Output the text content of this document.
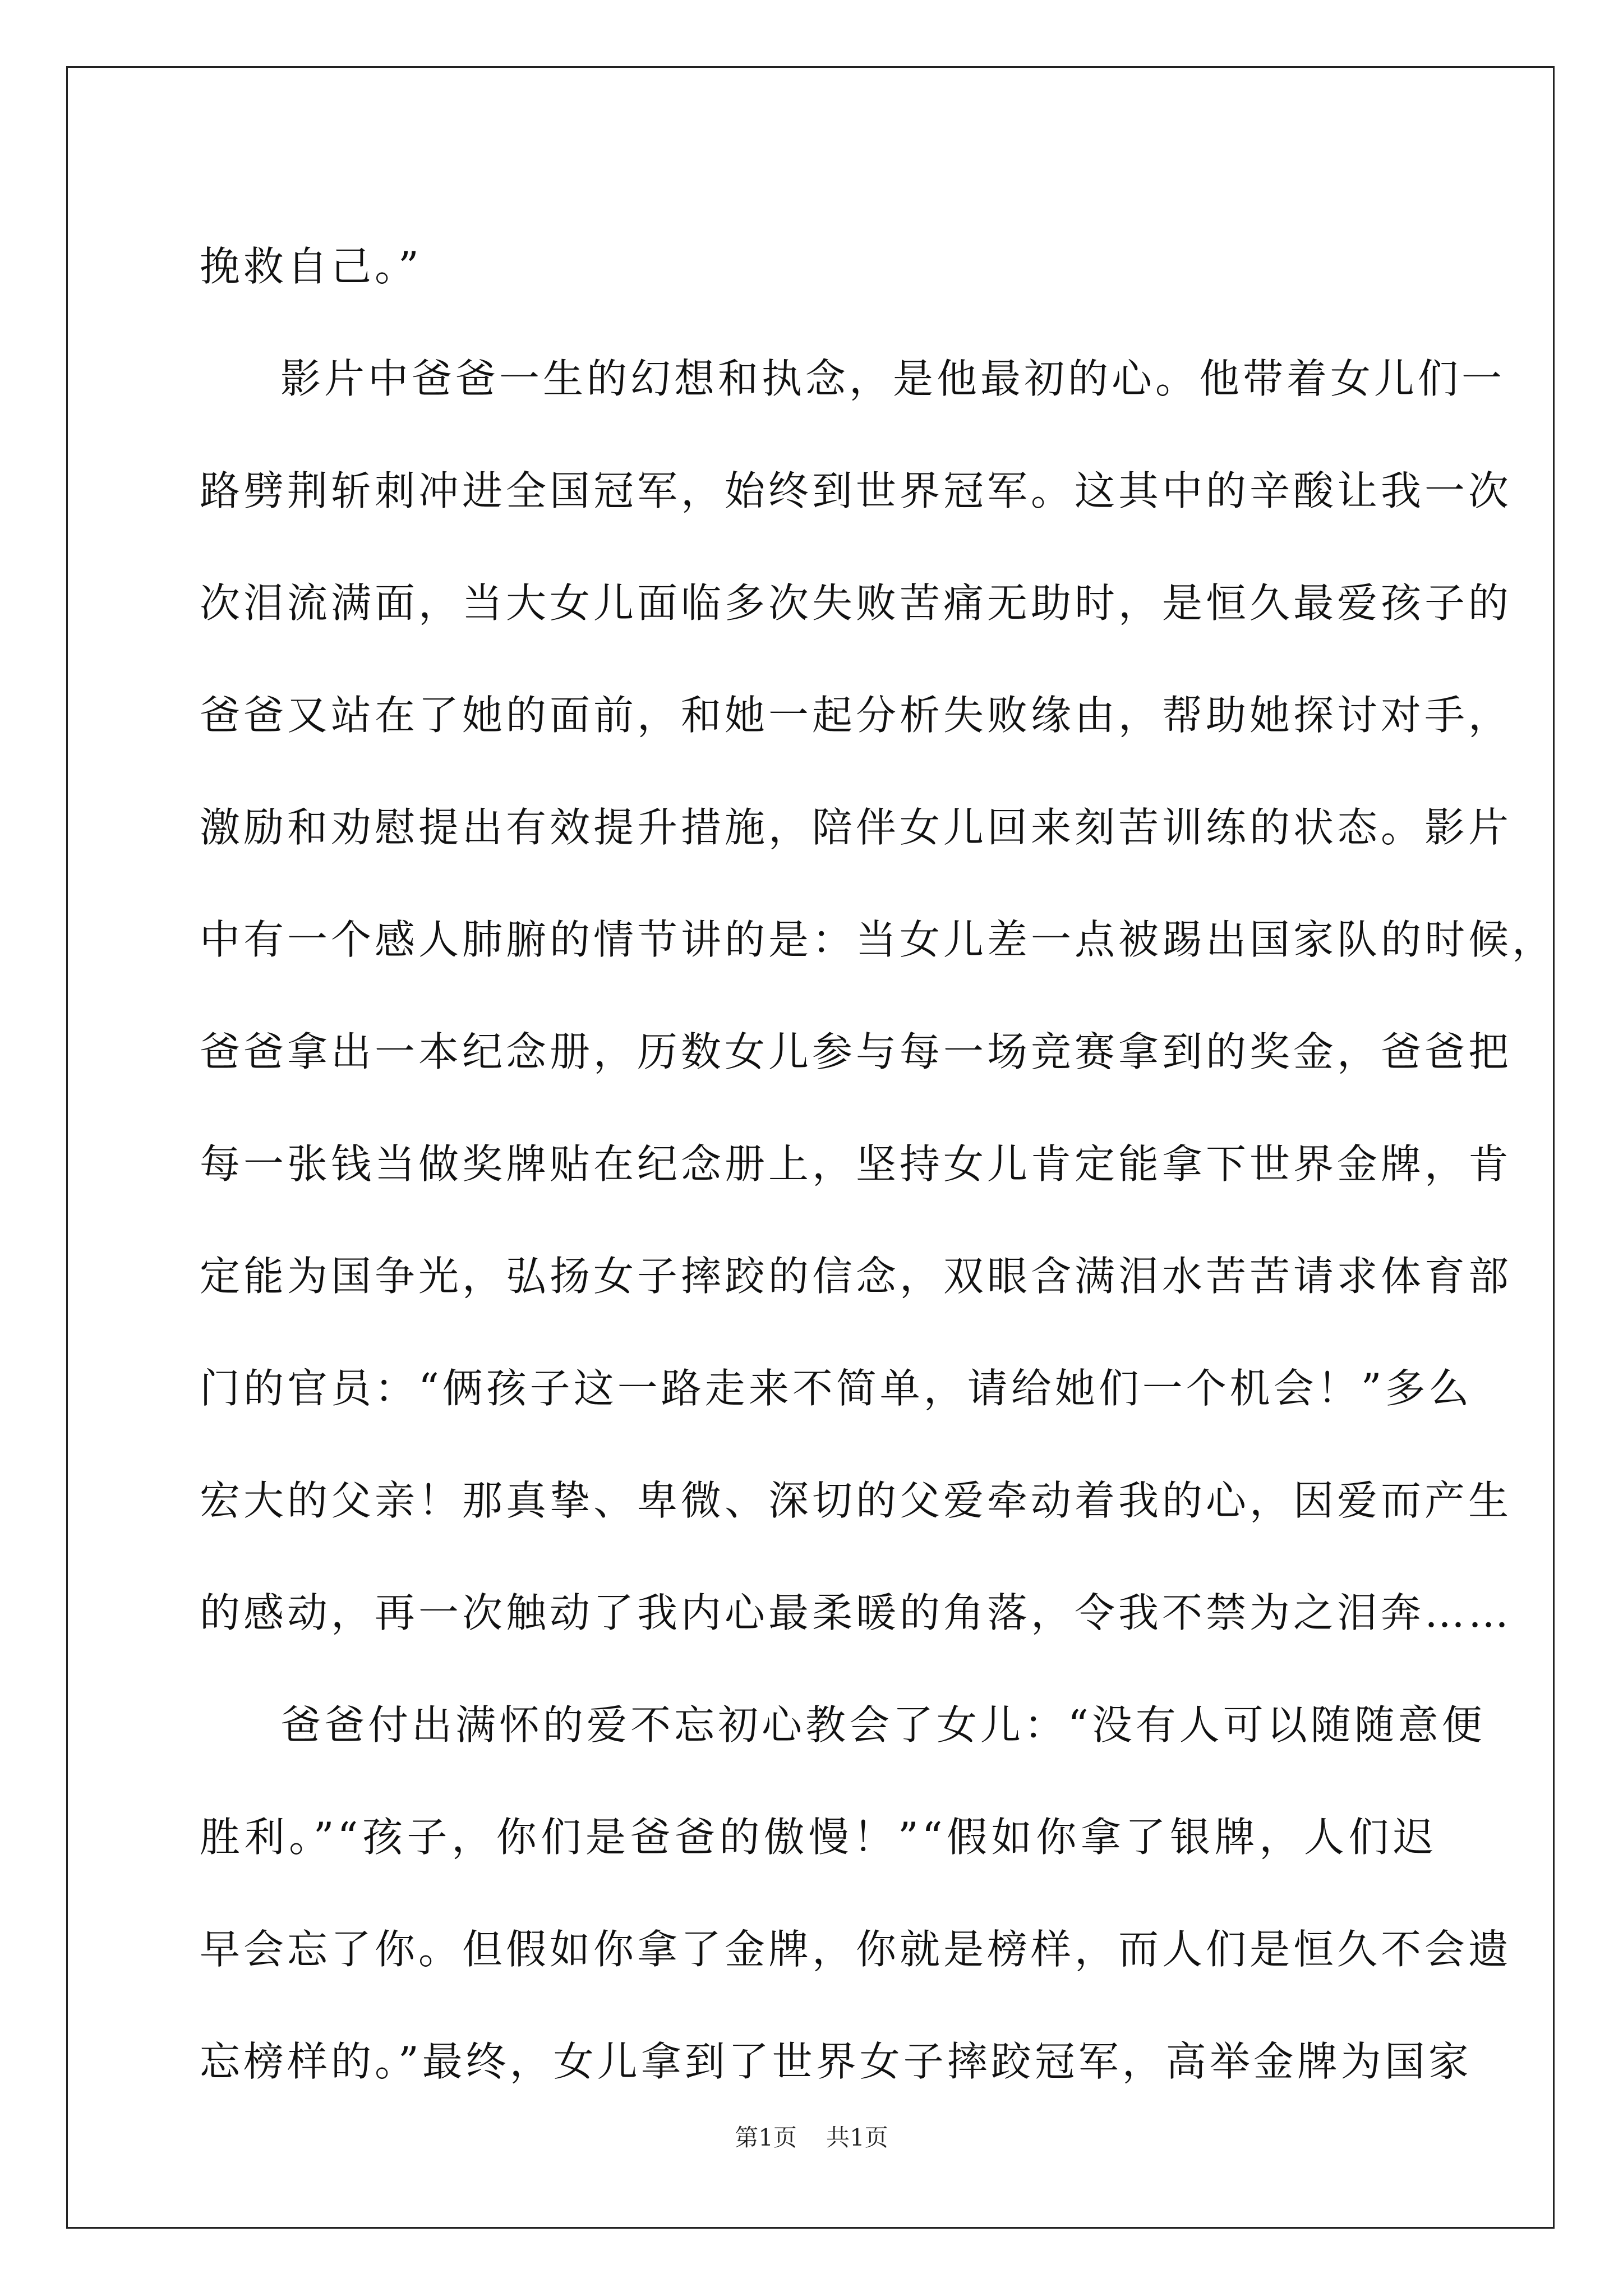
挽救自己。”
影片中爸爸一生的幻想和执念，是他最初的心。他带着女儿们一
路劈荆斩刺冲进全国冠军，始终到世界冠军。这其中的辛酸让我一次
次泪流满面，当大女儿面临多次失败苦痛无助时，是恒久最爱孩子的
爸爸又站在了她的面前，和她一起分析失败缘由，帮助她探讨对手，
激励和劝慰提出有效提升措施，陪伴女儿回来刻苦训练的状态。影片
中有一个感人肺腑的情节讲的是：当女儿差一点被踢出国家队的时候，
爸爸拿出一本纪念册，历数女儿参与每一场竞赛拿到的奖金，爸爸把
每一张钱当做奖牌贴在纪念册上，坚持女儿肯定能拿下世界金牌，肯
定能为国争光，弘扬女子摔跤的信念，双眼含满泪水苦苦请求体育部
门的官员：“俩孩子这一路走来不简单，请给她们一个机会！”多么
宏大的父亲！那真挚、卑微、深切的父爱牵动着我的心，因爱而产生
的感动，再一次触动了我内心最柔暖的角落，令我不禁为之泪奔……
爸爸付出满怀的爱不忘初心教会了女儿：“没有人可以随随意便
胜利。”“孩子，你们是爸爸的傲慢！”“假如你拿了银牌，人们迟
早会忘了你。但假如你拿了金牌，你就是榜样，而人们是恒久不会遗
忘榜样的。”最终，女儿拿到了世界女子摔跤冠军，高举金牌为国家
第1页 共1页
